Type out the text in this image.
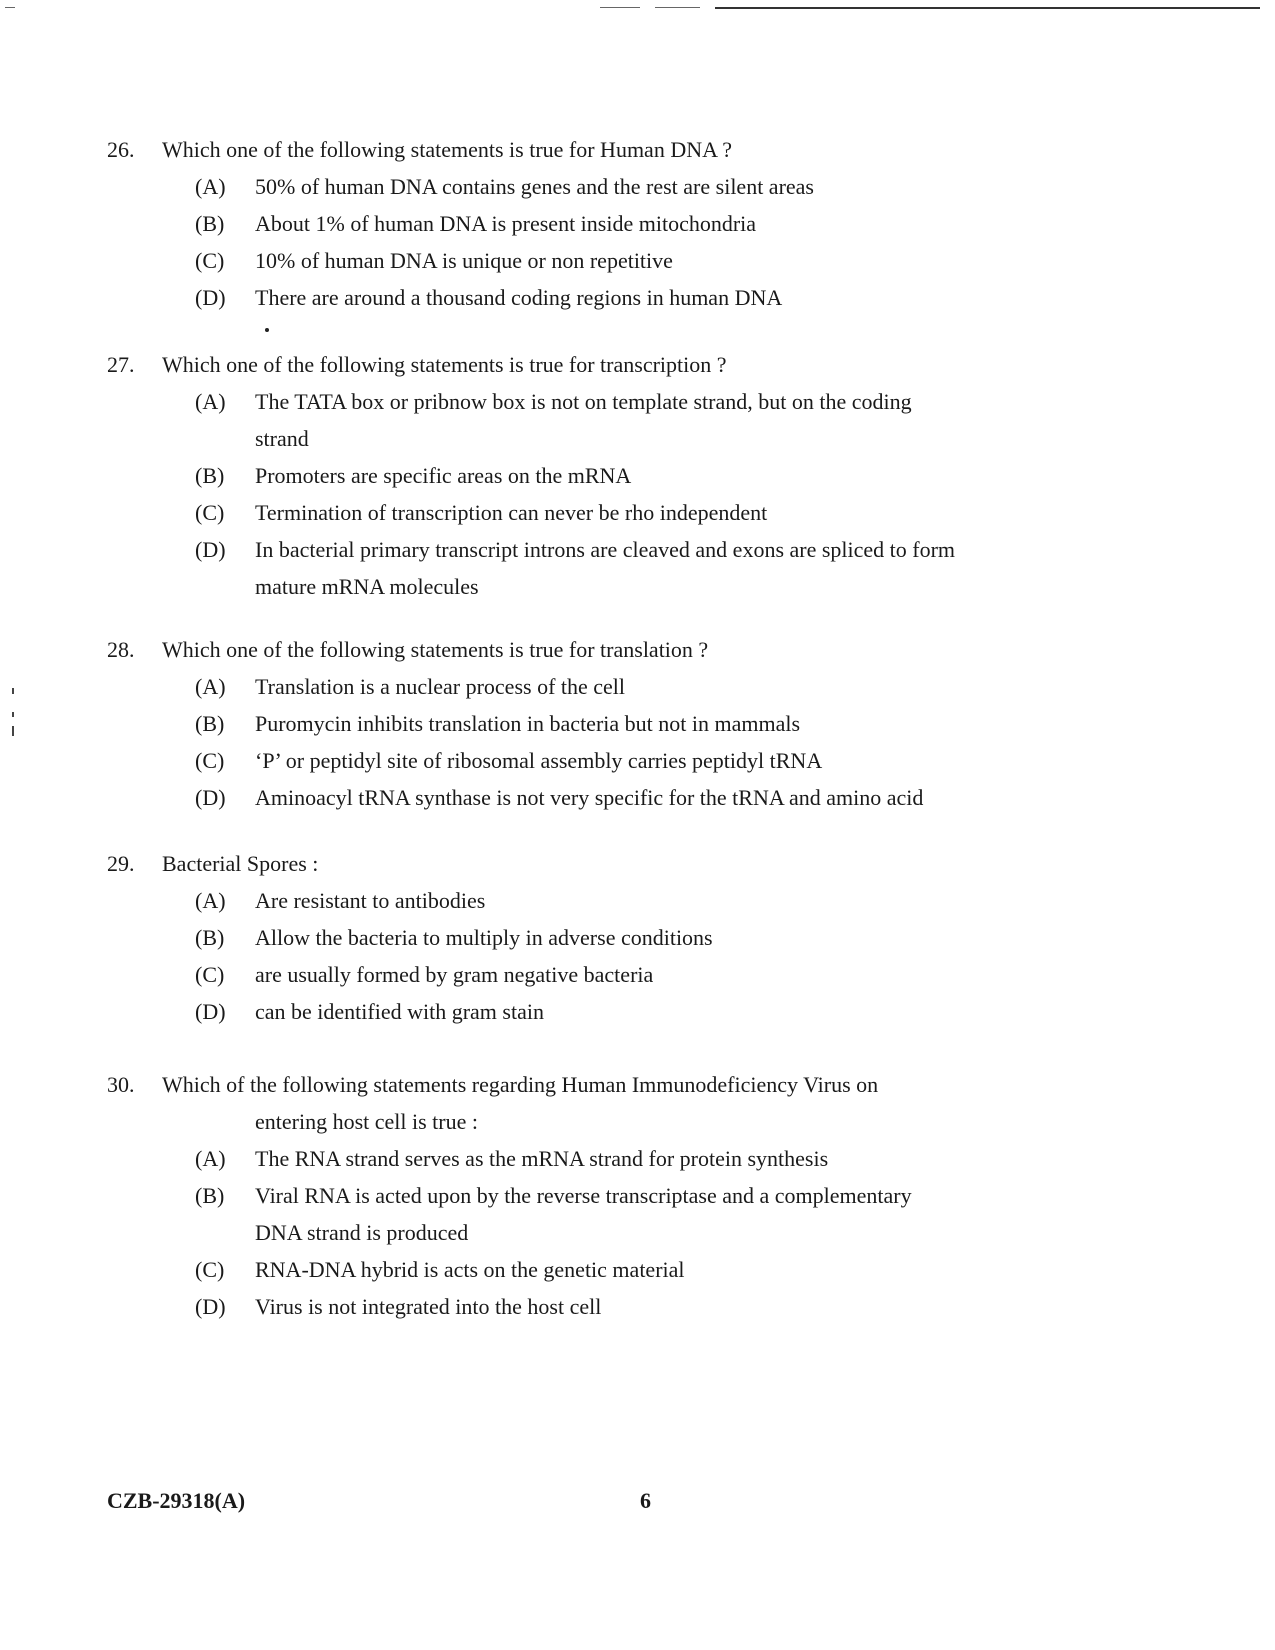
26.	Which one of the following statements is true for Human DNA ?
(A)	50% of human DNA contains genes and the rest are silent areas
(B)	About 1% of human DNA is present inside mitochondria
(C)	10% of human DNA is unique or non repetitive
(D)	There are around a thousand coding regions in human DNA
27.	Which one of the following statements is true for transcription ?
(A)	The TATA box or pribnow box is not on template strand, but on the coding strand
(B)	Promoters are specific areas on the mRNA
(C)	Termination of transcription can never be rho independent
(D)	In bacterial primary transcript introns are cleaved and exons are spliced to form mature mRNA molecules
28.	Which one of the following statements is true for translation ?
(A)	Translation is a nuclear process of the cell
(B)	Puromycin inhibits translation in bacteria but not in mammals
(C)	‘P’ or peptidyl site of ribosomal assembly carries peptidyl tRNA
(D)	Aminoacyl tRNA synthase is not very specific for the tRNA and amino acid
29.	Bacterial Spores :
(A)	Are resistant to antibodies
(B)	Allow the bacteria to multiply in adverse conditions
(C)	are usually formed by gram negative bacteria
(D)	can be identified with gram stain
30.	Which of the following statements regarding Human Immunodeficiency Virus on
entering host cell is true :
(A)	The RNA strand serves as the mRNA strand for protein synthesis
(B)	Viral RNA is acted upon by the reverse transcriptase and a complementary DNA strand is produced
(C)	RNA-DNA hybrid is acts on the genetic material
(D)	Virus is not integrated into the host cell
CZB-29318(A)	6
